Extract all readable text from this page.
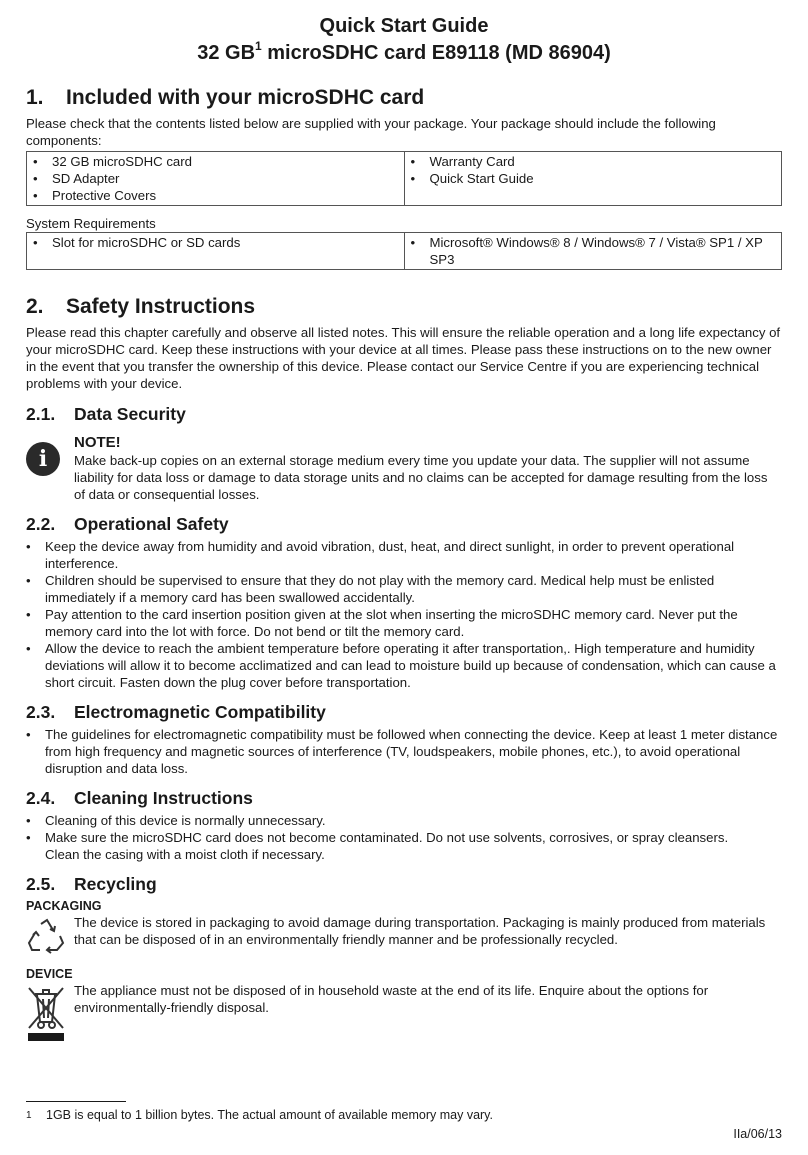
Quick Start Guide
32 $GB^1$ microSDHC card E89118 (MD 86904)
1. Included with your microSDHC card

Please check that the contents listed below are supplied with your package. Your package should include the following components:

• 32 GB microSDHC card
• SD Adapter
• Protective Covers

• Warranty Card
• Quick Start Guide

System Requirements

• Slot for microSDHC or SD cards

•Microsoft® Windows® 8 / Windows® 7 / Vista® SP1 / XP SP3
2. Safety Instructions

Please read this chapter carefully and observe all listed notes. This will ensure the reliable operation and a long life expectancy of your microSDHC card. Keep these instructions with your device at all times. Please pass these instructions on to the new owner in the event that you transfer the ownership of this device. Please contact our Service Centre if you are experiencing technical problems with your device.

2.1. Data Security
i
NOTE!

Make back-up copies on an external storage medium every time you update your data. The supplier will not assume liability for data loss or damage to data storage units and no claims can be accepted for damage resulting from the loss of data or consequential losses.

2.2. Operational Safety
• Keep the device away from humidity and avoid vibration, dust, heat, and direct sunlight, in order to prevent operational interference.
• Children should be supervised to ensure that they do not play with the memory card. Medical help must be enlisted immediately if a memory card has been swallowed accidentally.
• Pay attention to the card insertion position given at the slot when inserting the microSDHC memory card. Never put the memory card into the lot with force. Do not bend or tilt the memory card.
• Allow the device to reach the ambient temperature before operating it after transportation,. High temperature and humidity deviations will allow it to become acclimatized and can lead to moisture build up because of condensation, which can cause a short circuit. Fasten down the plug cover before transportation.
2.3. Electromagnetic Compatibility
• The guidelines for electromagnetic compatibility must be followed when connecting the device. Keep at least 1 meter distance from high frequency and magnetic sources of interference (TV, loudspeakers, mobile phones, etc.), to avoid operational disruption and data loss.
2.4. Cleaning Instructions
• Cleaning of this device is normally unnecessary.
• Make sure the microSDHC card does not become contaminated. Do not use solvents, corrosives, or spray cleansers.

Clean the casing with a moist cloth if necessary.

2.5. Recycling
PACKAGING

The device is stored in packaging to avoid damage during transportation. Packaging is mainly produced from materials that can be disposed of in an environmentally friendly manner and be professionally recycled.

DEVICE

The appliance must not be disposed of in household waste at the end of its life. Enquire about the options for environmentally-friendly disposal.

1 1GB is equal to 1 billion bytes. The actual amount of available memory may vary.
IIa/06/13
